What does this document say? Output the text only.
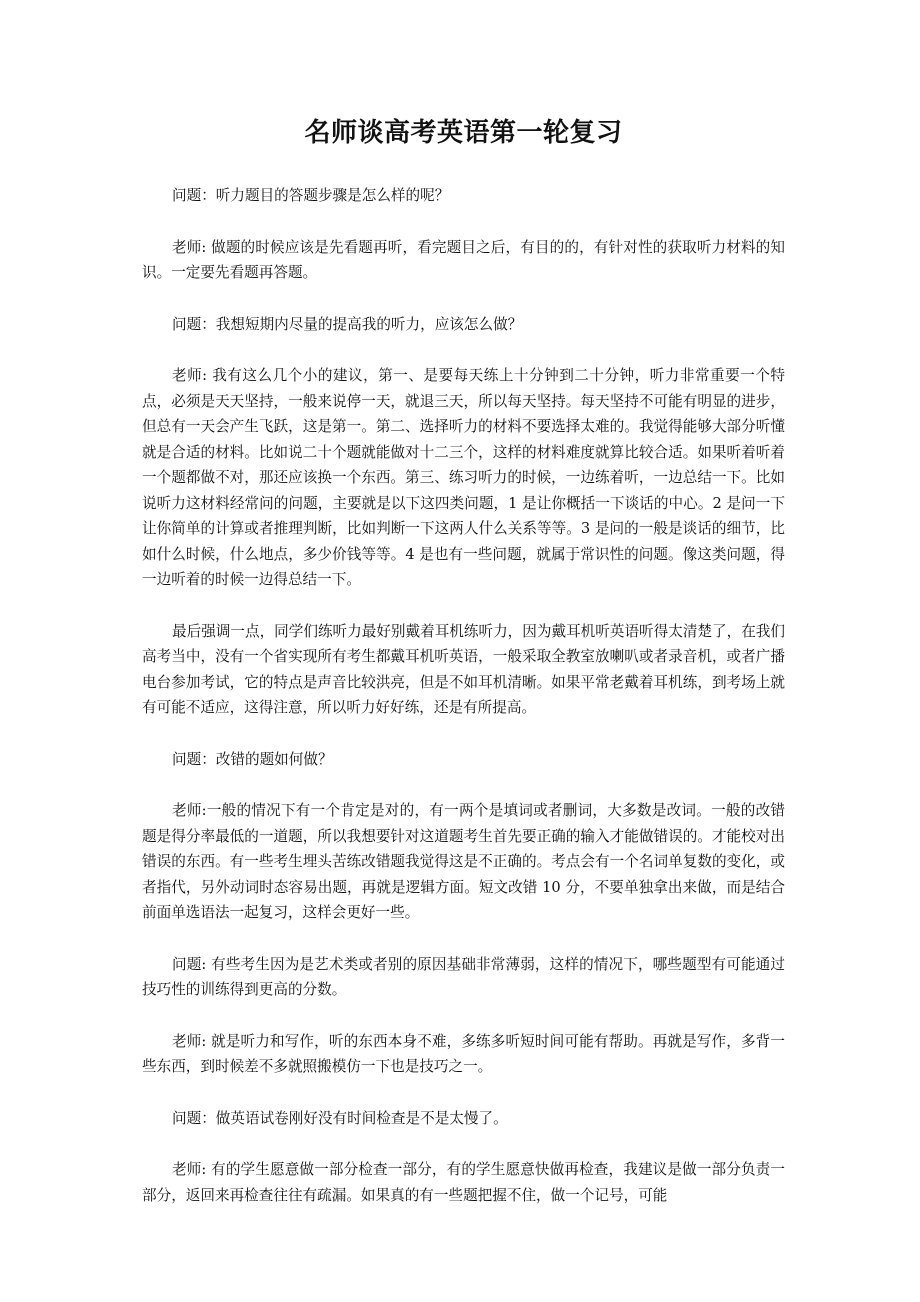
名师谈高考英语第一轮复习

问题：听力题目的答题步骤是怎么样的呢？

老师: 做题的时候应该是先看题再听，看完题目之后，有目的的，有针对性的获取听力材料的知识。一定要先看题再答题。

问题：我想短期内尽量的提高我的听力，应该怎么做？

老师: 我有这么几个小的建议，第一、是要每天练上十分钟到二十分钟，听力非常重要一个特点，必须是天天坚持，一般来说停一天，就退三天，所以每天坚持。每天坚持不可能有明显的进步，但总有一天会产生飞跃，这是第一。第二、选择听力的材料不要选择太难的。我觉得能够大部分听懂就是合适的材料。比如说二十个题就能做对十二三个，这样的材料难度就算比较合适。如果听着听着一个题都做不对，那还应该换一个东西。第三、练习听力的时候，一边练着听，一边总结一下。比如说听力这材料经常问的问题，主要就是以下这四类问题，1 是让你概括一下谈话的中心。2 是问一下让你简单的计算或者推理判断，比如判断一下这两人什么关系等等。3 是问的一般是谈话的细节，比如什么时候，什么地点，多少价钱等等。4 是也有一些问题，就属于常识性的问题。像这类问题，得一边听着的时候一边得总结一下。

最后强调一点，同学们练听力最好别戴着耳机练听力，因为戴耳机听英语听得太清楚了，在我们高考当中，没有一个省实现所有考生都戴耳机听英语，一般采取全教室放喇叭或者录音机，或者广播电台参加考试，它的特点是声音比较洪亮，但是不如耳机清晰。如果平常老戴着耳机练，到考场上就有可能不适应，这得注意，所以听力好好练，还是有所提高。

问题：改错的题如何做？

老师:一般的情况下有一个肯定是对的，有一两个是填词或者删词，大多数是改词。一般的改错题是得分率最低的一道题，所以我想要针对这道题考生首先要正确的输入才能做错误的。才能校对出错误的东西。有一些考生埋头苦练改错题我觉得这是不正确的。考点会有一个名词单复数的变化，或者指代，另外动词时态容易出题，再就是逻辑方面。短文改错 10 分，不要单独拿出来做，而是结合前面单选语法一起复习，这样会更好一些。

问题: 有些考生因为是艺术类或者别的原因基础非常薄弱，这样的情况下，哪些题型有可能通过技巧性的训练得到更高的分数。

老师: 就是听力和写作，听的东西本身不难，多练多听短时间可能有帮助。再就是写作，多背一些东西，到时候差不多就照搬模仿一下也是技巧之一。

问题：做英语试卷刚好没有时间检查是不是太慢了。

老师: 有的学生愿意做一部分检查一部分，有的学生愿意快做再检查，我建议是做一部分负责一部分，返回来再检查往往有疏漏。如果真的有一些题把握不住，做一个记号，可能
